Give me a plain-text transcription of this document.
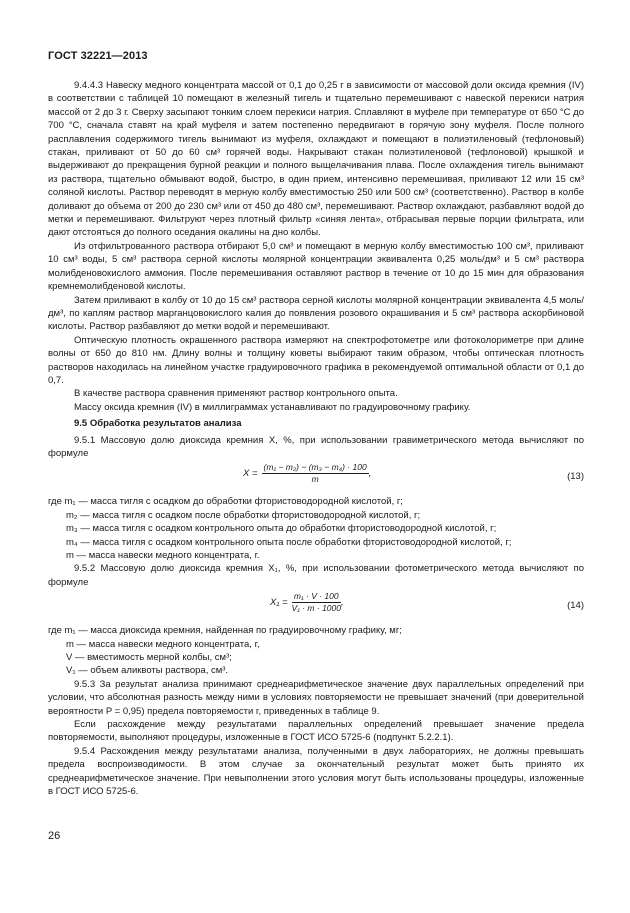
ГОСТ 32221—2013

9.4.4.3 Навеску медного концентрата массой от 0,1 до 0,25 г в зависимости от массовой доли оксида кремния (IV) в соответствии с таблицей 10 помещают в железный тигель и тщательно перемешивают с навеской перекиси натрия массой от 2 до 3 г. Сверху засыпают тонким слоем перекиси натрия. Сплавляют в муфеле при температуре от 650 °С до 700 °С, сначала ставят на край муфеля и затем постепенно передвигают в горячую зону муфеля. После полного расплавления содержимого тигель вынимают из муфеля, охлаждают и помещают в полиэтиленовый (тефлоновый) стакан, приливают от 50 до 60 см³ горячей воды. Накрывают стакан полиэтиленовой (тефлоновой) крышкой и выдерживают до прекращения бурной реакции и полного выщелачивания плава. После охлаждения тигель вынимают из раствора, тщательно обмывают водой, быстро, в один прием, интенсивно перемешивая, приливают 12 или 15 см³ соляной кислоты. Раствор переводят в мерную колбу вместимостью 250 или 500 см³ (соответственно). Раствор в колбе доливают до объема от 200 до 230 см³ или от 450 до 480 см³, перемешивают. Раствор охлаждают, разбавляют водой до метки и перемешивают. Фильтруют через плотный фильтр «синяя лента», отбрасывая первые порции фильтрата, или дают отстояться до полного оседания окалины на дно колбы.

Из отфильтрованного раствора отбирают 5,0 см³ и помещают в мерную колбу вместимостью 100 см³, приливают 10 см³ воды, 5 см³ раствора серной кислоты молярной концентрации эквивалента 0,25 моль/дм³ и 5 см³ раствора молибденовокислого аммония. После перемешивания оставляют раствор в течение от 10 до 15 мин для образования кремнемолибденовой кислоты.

Затем приливают в колбу от 10 до 15 см³ раствора серной кислоты молярной концентрации эквивалента 4,5 моль/дм³, по каплям раствор марганцовокислого калия до появления розового окрашивания и 5 см³ раствора аскорбиновой кислоты. Раствор разбавляют до метки водой и перемешивают.

Оптическую плотность окрашенного раствора измеряют на спектрофотометре или фотоколориметре при длине волны от 650 до 810 нм. Длину волны и толщину кюветы выбирают таким образом, чтобы оптическая плотность растворов находилась на линейном участке градуировочного графика в рекомендуемой оптимальной области от 0,1 до 0,7.

В качестве раствора сравнения применяют раствор контрольного опыта.

Массу оксида кремния (IV) в миллиграммах устанавливают по градуировочному графику.

9.5 Обработка результатов анализа

9.5.1 Массовую долю диоксида кремния X, %, при использовании гравиметрического метода вычисляют по формуле

$X = \frac{\text{(m₁ − m₂) − (m₃ − m₄) · 100}}{m}$ ,	(13)
где m₁ — масса тигля с осадком до обработки фтористоводородной кислотой, г;
m₂ — масса тигля с осадком после обработки фтористоводородной кислотой, г;
m₃ — масса тигля с осадком контрольного опыта до обработки фтористоводородной кислотой, г;
m₄ — масса тигля с осадком контрольного опыта после обработки фтористоводородной кислотой, г;
m — масса навески медного концентрата, г.

9.5.2 Массовую долю диоксида кремния X₁, %, при использовании фотометрического метода вычисляют по формуле

$X_1 = \frac{\text{m₁ · V · 100}}{\text{V₁ · m · 1000}}$ ,	(14)
где m₁ — масса диоксида кремния, найденная по градуировочному графику, мг;
m — масса навески медного концентрата, г,
V — вместимость мерной колбы, см³;
V₁ — объем аликвоты раствора, см³.

9.5.3 За результат анализа принимают среднеарифметическое значение двух параллельных определений при условии, что абсолютная разность между ними в условиях повторяемости не превышает значений (при доверительной вероятности P = 0,95) предела повторяемости r, приведенных в таблице 9.

Если расхождение между результатами параллельных определений превышает значение предела повторяемости, выполняют процедуры, изложенные в ГОСТ ИСО 5725-6 (подпункт 5.2.2.1).

9.5.4 Расхождения между результатами анализа, полученными в двух лабораториях, не должны превышать предела воспроизводимости. В этом случае за окончательный результат может быть принято их среднеарифметическое значение. При невыполнении этого условия могут быть использованы процедуры, изложенные в ГОСТ ИСО 5725-6.

26
